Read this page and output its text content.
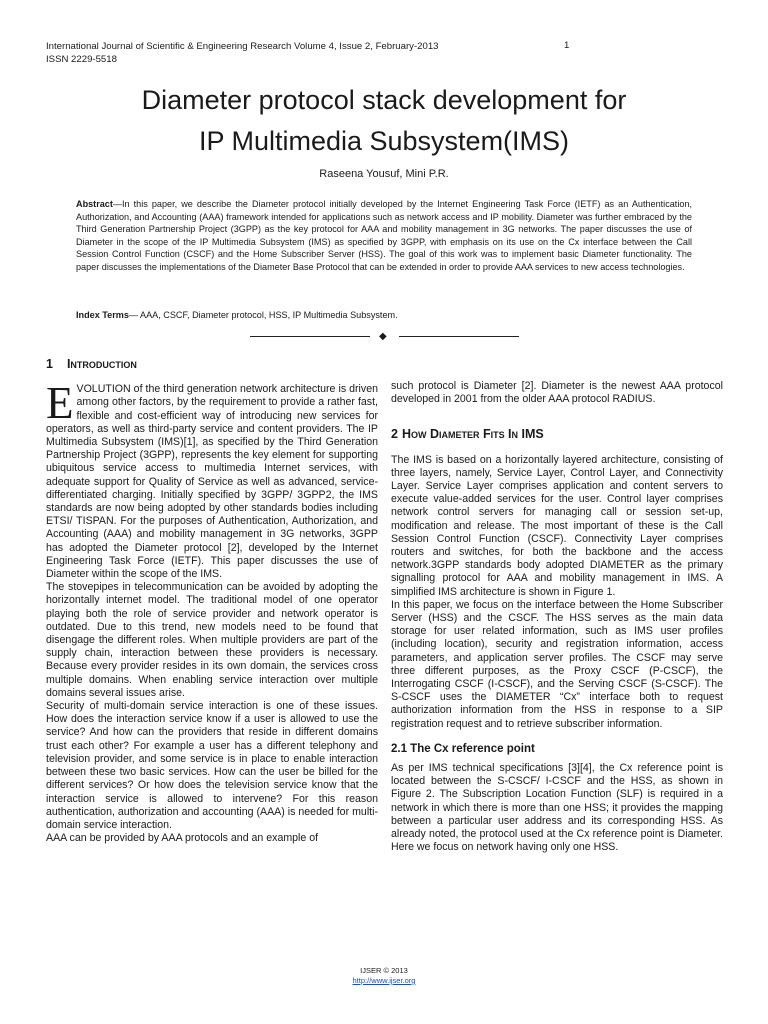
International Journal of Scientific & Engineering Research Volume 4, Issue 2, February-2013
ISSN 2229-5518
1
Diameter protocol stack development for
IP Multimedia Subsystem(IMS)
Raseena Yousuf, Mini P.R.
Abstract—In this paper, we describe the Diameter protocol initially developed by the Internet Engineering Task Force (IETF) as an Authentication, Authorization, and Accounting (AAA) framework intended for applications such as network access and IP mobility. Diameter was further embraced by the Third Generation Partnership Project (3GPP) as the key protocol for AAA and mobility management in 3G networks. The paper discusses the use of Diameter in the scope of the IP Multimedia Subsystem (IMS) as specified by 3GPP, with emphasis on its use on the Cx interface between the Call Session Control Function (CSCF) and the Home Subscriber Server (HSS). The goal of this work was to implement basic Diameter functionality. The paper discusses the implementations of the Diameter Base Protocol that can be extended in order to provide AAA services to new access technologies.
Index Terms— AAA, CSCF, Diameter protocol, HSS, IP Multimedia Subsystem.
◆
1 Introduction

EVOLUTION of the third generation network architecture is driven among other factors, by the requirement to provide a rather fast, flexible and cost-efficient way of introducing new services for operators, as well as third-party service and content providers. The IP Multimedia Subsystem (IMS)[1], as specified by the Third Generation Partnership Project (3GPP), represents the key element for supporting ubiquitous service access to multimedia Internet services, with adequate support for Quality of Service as well as advanced, service-differentiated charging. Initially specified by 3GPP/ 3GPP2, the IMS standards are now being adopted by other standards bodies including ETSI/ TISPAN. For the purposes of Authentication, Authorization, and Accounting (AAA) and mobility management in 3G networks, 3GPP has adopted the Diameter protocol [2], developed by the Internet Engineering Task Force (IETF). This paper discusses the use of Diameter within the scope of the IMS.

The stovepipes in telecommunication can be avoided by adopting the horizontally internet model. The traditional model of one operator playing both the role of service provider and network operator is outdated. Due to this trend, new models need to be found that disengage the different roles. When multiple providers are part of the supply chain, interaction between these providers is necessary. Because every provider resides in its own domain, the services cross multiple domains. When enabling service interaction over multiple domains several issues arise.

Security of multi-domain service interaction is one of these issues. How does the interaction service know if a user is allowed to use the service? And how can the providers that reside in different domains trust each other? For example a user has a different telephony and television provider, and some service is in place to enable interaction between these two basic services. How can the user be billed for the different services? Or how does the television service know that the interaction service is allowed to intervene? For this reason authentication, authorization and accounting (AAA) is needed for multi-domain service interaction.

AAA can be provided by AAA protocols and an example of

such protocol is Diameter [2]. Diameter is the newest AAA protocol developed in 2001 from the older AAA protocol RADIUS.

2 How Diameter Fits In IMS

The IMS is based on a horizontally layered architecture, consisting of three layers, namely, Service Layer, Control Layer, and Connectivity Layer. Service Layer comprises application and content servers to execute value-added services for the user. Control layer comprises network control servers for managing call or session set-up, modification and release. The most important of these is the Call Session Control Function (CSCF). Connectivity Layer comprises routers and switches, for both the backbone and the access network.3GPP standards body adopted DIAMETER as the primary signalling protocol for AAA and mobility management in IMS. A simplified IMS architecture is shown in Figure 1.

In this paper, we focus on the interface between the Home Subscriber Server (HSS) and the CSCF. The HSS serves as the main data storage for user related information, such as IMS user profiles (including location), security and registration information, access parameters, and application server profiles. The CSCF may serve three different purposes, as the Proxy CSCF (P-CSCF), the Interrogating CSCF (I-CSCF), and the Serving CSCF (S-CSCF). The S-CSCF uses the DIAMETER “Cx” interface both to request authorization information from the HSS in response to a SIP registration request and to retrieve subscriber information.

2.1 The Cx reference point

As per IMS technical specifications [3][4], the Cx reference point is located between the S-CSCF/ I-CSCF and the HSS, as shown in Figure 2. The Subscription Location Function (SLF) is required in a network in which there is more than one HSS; it provides the mapping between a particular user address and its corresponding HSS. As already noted, the protocol used at the Cx reference point is Diameter. Here we focus on network having only one HSS.

IJSER © 2013
http://www.ijser.org
